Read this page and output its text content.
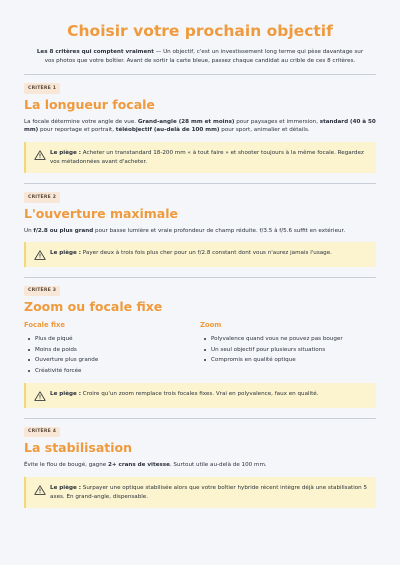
Choisir votre prochain objectif

Les 8 critères qui comptent vraiment — Un objectif, c'est un investissement long terme qui pèse davantage sur vos photos que votre boîtier. Avant de sortir la carte bleue, passez chaque candidat au crible de ces 8 critères.

CRITÈRE 1
La longueur focale

La focale détermine votre angle de vue. Grand-angle (28 mm et moins) pour paysages et immersion, standard (40 à 50 mm) pour reportage et portrait, téléobjectif (au-delà de 100 mm) pour sport, animalier et détails.

Le piège : Acheter un transtandard 18-200 mm « à tout faire » et shooter toujours à la même focale. Regardez vos métadonnées avant d'acheter.

CRITÈRE 2
L'ouverture maximale

Un f/2.8 ou plus grand pour basse lumière et vraie profondeur de champ réduite. f/3.5 à f/5.6 suffit en extérieur.

Le piège : Payer deux à trois fois plus cher pour un f/2.8 constant dont vous n'aurez jamais l'usage.

CRITÈRE 3
Zoom ou focale fixe
Focale fixe
Plus de piqué
Moins de poids
Ouverture plus grande
Créativité forcée
Zoom
Polyvalence quand vous ne pouvez pas bouger
Un seul objectif pour plusieurs situations
Compromis en qualité optique

Le piège : Croire qu'un zoom remplace trois focales fixes. Vrai en polyvalence, faux en qualité.

CRITÈRE 4
La stabilisation

Évite le flou de bougé, gagne 2+ crans de vitesse. Surtout utile au-delà de 100 mm.

Le piège : Surpayer une optique stabilisée alors que votre boîtier hybride récent intègre déjà une stabilisation 5 axes. En grand-angle, dispensable.
